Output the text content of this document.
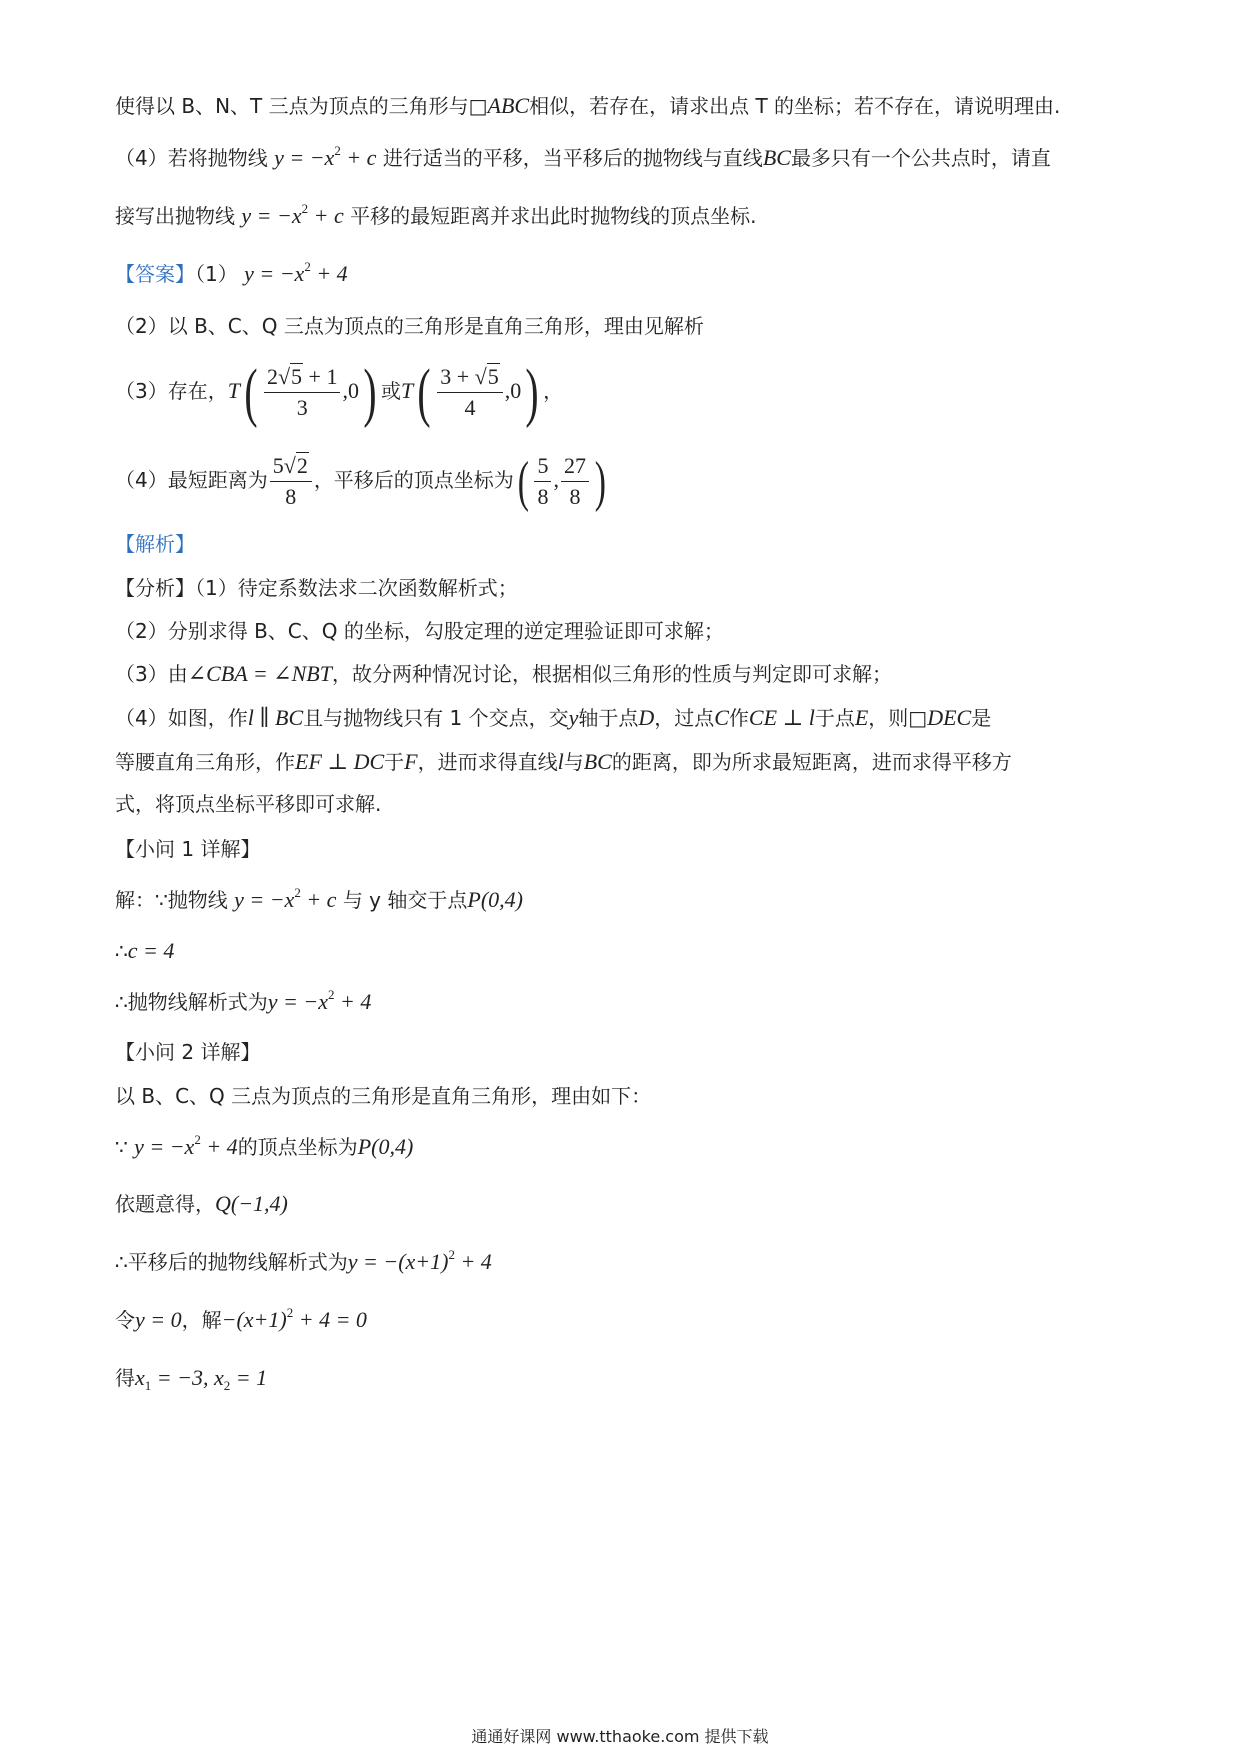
使得以 B、N、T 三点为顶点的三角形与□ABC相似，若存在，请求出点 T 的坐标；若不存在，请说明理由.
（4）若将抛物线 $y = -x^2 + c$ 进行适当的平移，当平移后的抛物线与直线BC最多只有一个公共点时，请直
接写出抛物线 $y = -x^2 + c$ 平移的最短距离并求出此时抛物线的顶点坐标.
【答案】（1） $y = -x^2 + 4$
（2）以 B、C、Q 三点为顶点的三角形是直角三角形，理由见解析
（3）存在，$T( \frac{2√5 + 1}{3} ,0)$ 或$T( \frac{3 + √5}{4} ,0)$ ，
（4）最短距离为 $\frac{5√2}{8}$ ，平移后的顶点坐标为( $\frac{5}{8}$ , $\frac{27}{8}$ )
【解析】
【分析】（1）待定系数法求二次函数解析式；
（2）分别求得 B、C、Q 的坐标，勾股定理的逆定理验证即可求解；
（3）由∠CBA = ∠NBT，故分两种情况讨论，根据相似三角形的性质与判定即可求解；
（4）如图，作l ∥ BC且与抛物线只有 1 个交点，交y轴于点D，过点C作CE ⊥ l于点E，则□DEC是
等腰直角三角形，作EF ⊥ DC于F，进而求得直线l与BC的距离，即为所求最短距离，进而求得平移方
式，将顶点坐标平移即可求解.
【小问 1 详解】
解：∵抛物线 $y = -x^2 + c$ 与 y 轴交于点P(0,4)
∴c = 4
∴抛物线解析式为$y = -x^2 + 4$
【小问 2 详解】
以 B、C、Q 三点为顶点的三角形是直角三角形，理由如下：
∵ $y = -x^2 + 4$的顶点坐标为P(0,4)
依题意得，Q(−1,4)
∴平移后的抛物线解析式为$y = -(x+1)^2 + 4$
令y = 0，解$-(x+1)^2 + 4 = 0$
得$x_1 = -3$, $x_2 = 1$
通通好课网 www.tthaoke.com 提供下载
